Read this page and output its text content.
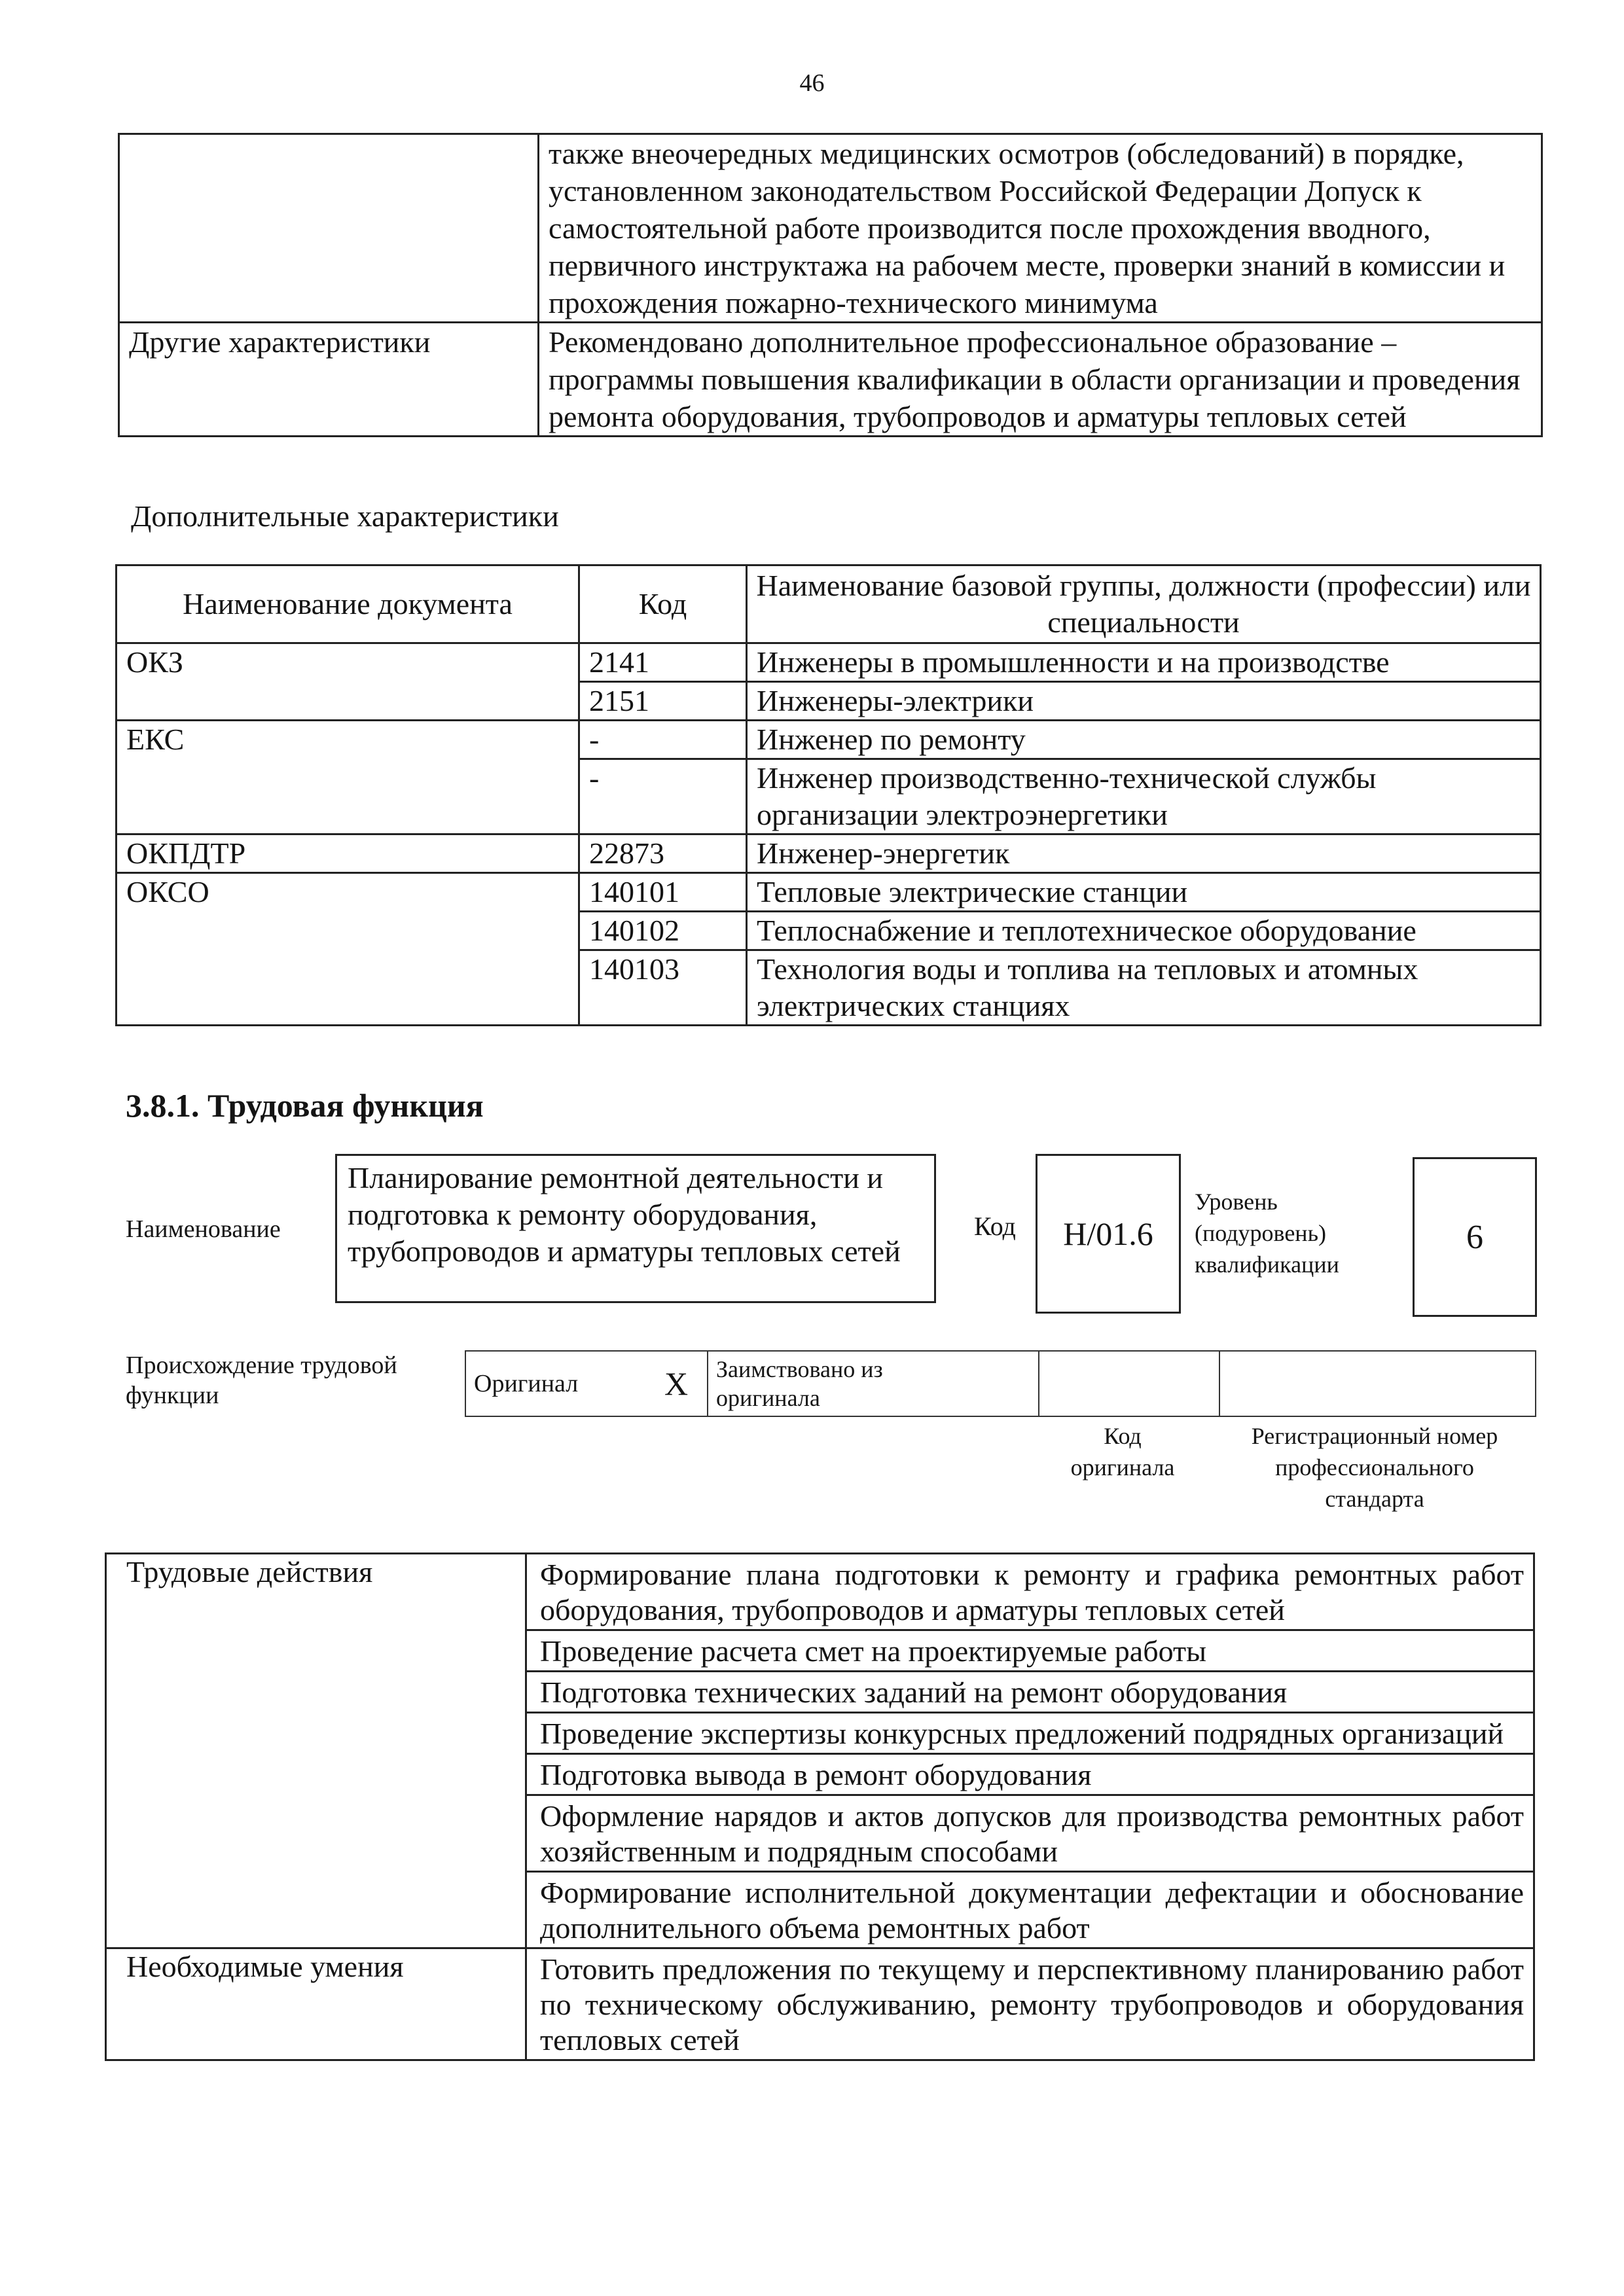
46
	также внеочередных медицинских осмотров (обследований) в порядке, установленном законодательством Российской Федерации Допуск к самостоятельной работе производится после прохождения вводного, первичного инструктажа на рабочем месте, проверки знаний в комиссии и прохождения пожарно-технического минимума
Другие характеристики	Рекомендовано дополнительное профессиональное образование – программы повышения квалификации в области организации и проведения ремонта оборудования, трубопроводов и арматуры тепловых сетей
Дополнительные характеристики
Наименование документа	Код	Наименование базовой группы, должности (профессии) или специальности
ОКЗ	2141	Инженеры в промышленности и на производстве
	2151	Инженеры-электрики
ЕКС	-	Инженер по ремонту
	-	Инженер производственно-технической службы организации электроэнергетики
ОКПДТР	22873	Инженер-энергетик
ОКСО	140101	Тепловые электрические станции
	140102	Теплоснабжение и теплотехническое оборудование
	140103	Технология воды и топлива на тепловых и атомных электрических станциях
3.8.1. Трудовая функция
Наименование
Планирование ремонтной деятельности и подготовка к ремонту оборудования, трубопроводов и арматуры тепловых сетей
Код	Н/01.6
Уровень
(подуровень)
квалификации
6
Происхождение трудовой
функции	Оригинал	X	Заимствовано из
оригинала

Код
оригинала
Регистрационный номер
профессионального
стандарта
Трудовые действия	Формирование плана подготовки к ремонту и графика ремонтных работ оборудования, трубопроводов и арматуры тепловых сетей
	Проведение расчета смет на проектируемые работы
	Подготовка технических заданий на ремонт оборудования
	Проведение экспертизы конкурсных предложений подрядных организаций
	Подготовка вывода в ремонт оборудования
	Оформление нарядов и актов допусков для производства ремонтных работ хозяйственным и подрядным способами
	Формирование исполнительной документации дефектации и обоснование дополнительного объема ремонтных работ
Необходимые умения	Готовить предложения по текущему и перспективному планированию работ по техническому обслуживанию, ремонту трубопроводов и оборудования тепловых сетей
